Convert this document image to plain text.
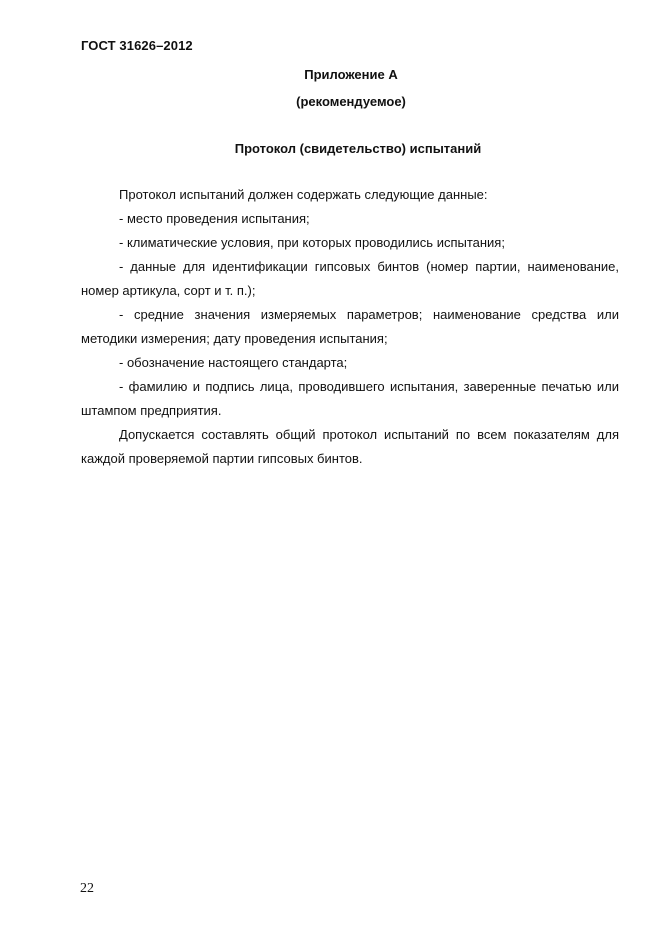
ГОСТ 31626–2012

Приложение А

(рекомендуемое)

Протокол (свидетельство) испытаний

Протокол испытаний должен содержать следующие данные:

- место проведения испытания;

- климатические условия, при которых проводились испытания;

- данные для идентификации гипсовых бинтов (номер партии, наименование, номер артикула, сорт и т. п.);

- средние значения измеряемых параметров; наименование средства или методики измерения; дату проведения испытания;

- обозначение настоящего стандарта;

- фамилию и подпись лица, проводившего испытания, заверенные печатью или штампом предприятия.

Допускается составлять общий протокол испытаний по всем показателям для каждой проверяемой партии гипсовых бинтов.

22
